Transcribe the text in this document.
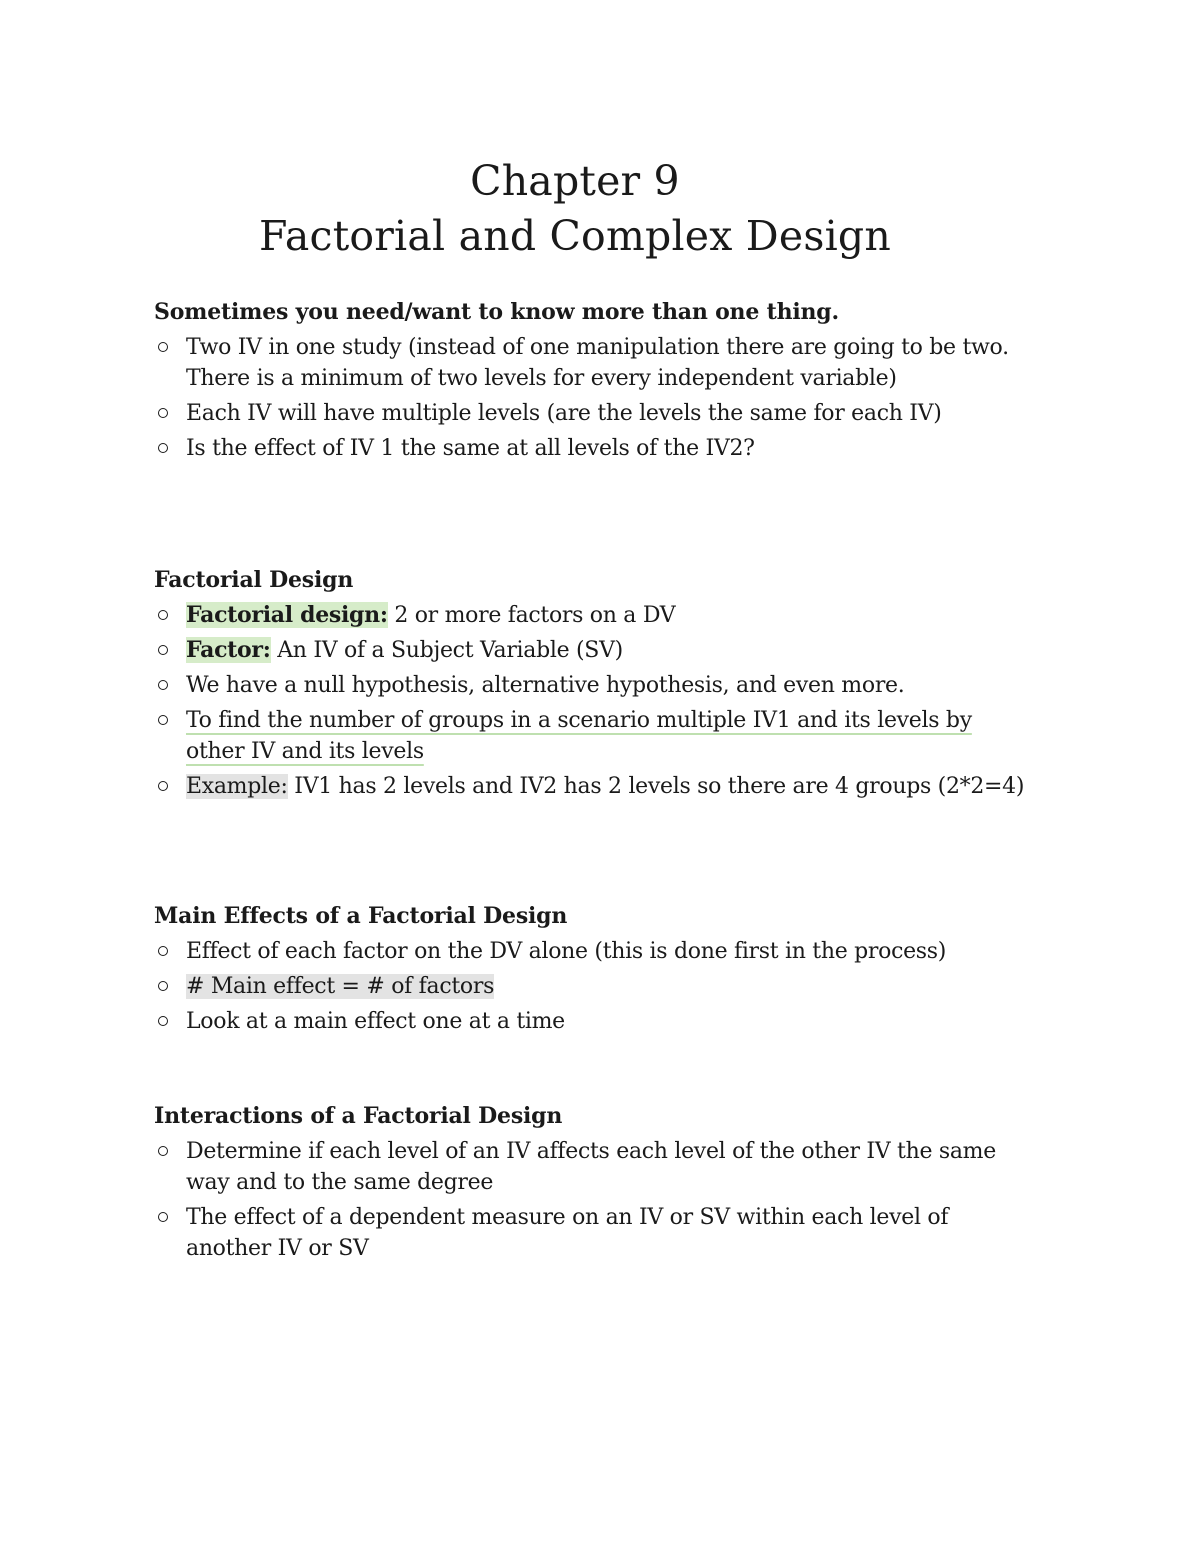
Chapter 9
Factorial and Complex Design

Sometimes you need/want to know more than one thing.

Two IV in one study (instead of one manipulation there are going to be two. There is a minimum of two levels for every independent variable)
Each IV will have multiple levels (are the levels the same for each IV)
Is the effect of IV 1 the same at all levels of the IV2?

Factorial Design

Factorial design: 2 or more factors on a DV
Factor: An IV of a Subject Variable (SV)
We have a null hypothesis, alternative hypothesis, and even more.
To find the number of groups in a scenario multiple IV1 and its levels by other IV and its levels
Example: IV1 has 2 levels and IV2 has 2 levels so there are 4 groups (2*2=4)

Main Effects of a Factorial Design

Effect of each factor on the DV alone (this is done first in the process)
# Main effect = # of factors
Look at a main effect one at a time

Interactions of a Factorial Design

Determine if each level of an IV affects each level of the other IV the same way and to the same degree
The effect of a dependent measure on an IV or SV within each level of another IV or SV
